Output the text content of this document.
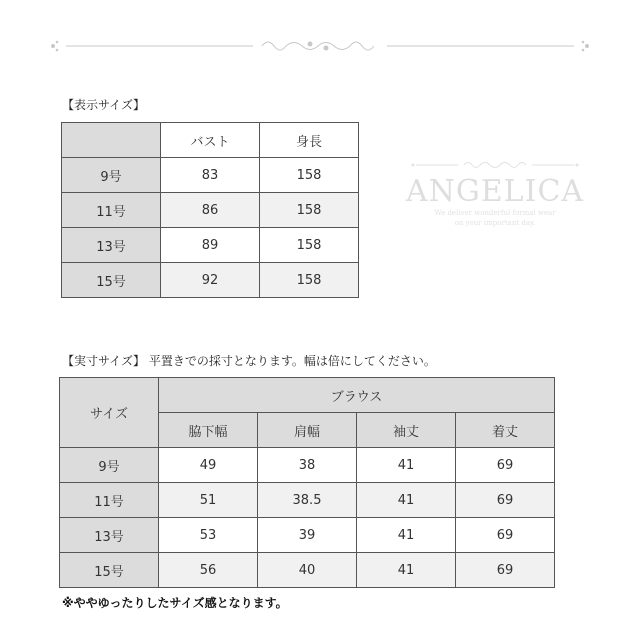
【表示サイズ】
	バスト	身長
9号	83	158
11号	86	158
13号	89	158
15号	92	158
ANGELICA
We deliver wonderful formal wear
on your important day.
【実寸サイズ】 平置きでの採寸となります。幅は倍にしてください。
サイズ	ブラウス			
	脇下幅	肩幅	袖丈	着丈
9号	49	38	41	69
11号	51	38.5	41	69
13号	53	39	41	69
15号	56	40	41	69
※ややゆったりしたサイズ感となります。
